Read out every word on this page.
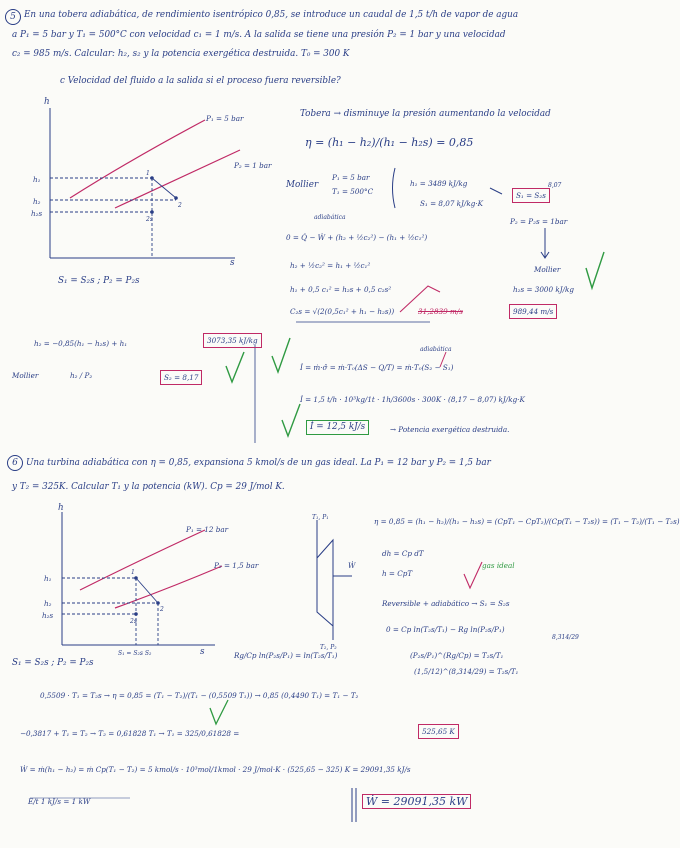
5 En una tobera adiabática, de rendimiento isentrópico 0,85, se introduce un caudal de 1,5 t/h de vapor de agua
a P₁ = 5 bar y T₁ = 500°C con velocidad c₁ = 1 m/s. A la salida se tiene una presión P₂ = 1 bar y una velocidad
c₂ = 985 m/s. Calcular: h₂, s₂ y la potencia exergética destruida. T₀ = 300 K
c Velocidad del fluido a la salida si el proceso fuera reversible?
h
s
P₁ = 5 bar
P₂ = 1 bar
h₁
h₂
h₂s
1
2
2s
S₁ = S₂s ; P₂ = P₂s
Tobera → disminuye la presión aumentando la velocidad
η = (h₁ − h₂)/(h₁ − h₂s) = 0,85
Mollier
P₁ = 5 bar
T₁ = 500°C
h₁ = 3489 kJ/kg
S₁ = 8,07 kJ/kg·K
S₁ = S₂s
8,07
P₂ = P₂s = 1bar
adiabática
0 = Q̇ − Ẇ + (h₂ + ½c₂²) − (h₁ + ½c₁²)
h₂ + ½c₂² = h₁ + ½c₁²
h₁ + 0,5 c₁² = h₂s + 0,5 c₂s²
C₂s = √(2(0,5c₁² + h₁ − h₂s))	31,2839 m/s	989,44 m/s
Mollier
h₂s = 3000 kJ/kg
h₂ = −0,85(h₁ − h₂s) + h₁	3073,35 kJ/kg
Mollier	h₂ / P₂	S₂ = 8,17
adiabática
İ = ṁ·σ̂ = ṁ·T₀(ΔS − Q/T) = ṁ·T₀(S₂ − S₁)
İ = 1,5 t/h · 10³kg/1t · 1h/3600s · 300K · (8,17 − 8,07) kJ/kg·K
İ = 12,5 kJ/s	→ Potencia exergética destruida.
6 Una turbina adiabática con η = 0,85, expansiona 5 kmol/s de un gas ideal. La P₁ = 12 bar y P₂ = 1,5 bar
y T₂ = 325K. Calcular T₁ y la potencia (kW). Cp = 29 J/mol K.
h
s
P₁ = 12 bar
P₂ = 1,5 bar
h₁
h₂
h₂s
1
2
2s
S₁ = S₂s S₂
T₁, P₁
T₂, P₂
Ẇ
S₁ = S₂s ; P₂ = P₂s
η = 0,85 = (h₁ − h₂)/(h₁ − h₂s) = (CpT₁ − CpT₂)/(Cp(T₁ − T₂s)) = (T₁ − T₂)/(T₁ − T₂s)
dh = Cp dT
h = CpT
gas ideal
Reversible + adiabático → S₁ = S₂s
0 = Cp ln(T₂s/T₁) − Rg ln(P₂s/P₁)
Rg/Cp ln(P₂s/P₁) = ln(T₂s/T₁)	(P₂s/P₁)^(Rg/Cp) = T₂s/T₁
(1,5/12)^(8,314/29) = T₂s/T₁
8,314/29
0,5509 · T₁ = T₂s → η = 0,85 = (T₁ − T₂)/(T₁ − (0,5509 T₁)) → 0,85 (0,4490 T₁) = T₁ − T₂
−0,3817 + T₁ = T₂ → T₂ = 0,61828 T₁ → T₁ = 325/0,61828 =	525,65 K
Ẇ = ṁ(h₁ − h₂) = ṁ Cp(T₁ − T₂) = 5 kmol/s · 10³mol/1kmol · 29 J/mol·K · (525,65 − 325) K = 29091,35 kJ/s
E/t 1 kJ/s = 1 kW	Ẇ = 29091,35 kW
